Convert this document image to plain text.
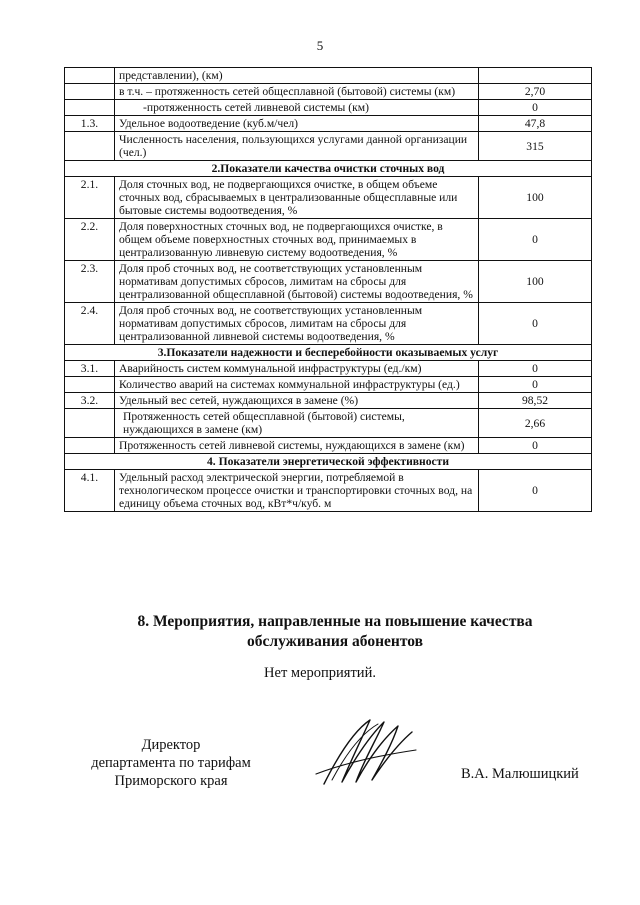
5
	представлении), (км)	
	в т.ч. – протяженность сетей общесплавной (бытовой) системы (км)	2,70
	-протяженность сетей ливневой системы (км)	0
1.3.	Удельное водоотведение (куб.м/чел)	47,8
	Численность населения, пользующихся услугами данной организации (чел.)	315
2.Показатели качества очистки сточных вод		
2.1.	Доля сточных вод, не подвергающихся очистке, в общем объеме сточных вод, сбрасываемых в централизованные общесплавные или бытовые системы водоотведения, %	100
2.2.	Доля поверхностных сточных вод, не подвергающихся очистке, в общем объеме поверхностных сточных вод, принимаемых в централизованную ливневую систему водоотведения, %	0
2.3.	Доля проб сточных вод, не соответствующих установленным нормативам допустимых сбросов, лимитам на сбросы для централизованной общесплавной (бытовой) системы водоотведения, %	100
2.4.	Доля проб сточных вод, не соответствующих установленным нормативам допустимых сбросов, лимитам на сбросы для централизованной ливневой системы водоотведения, %	0
3.Показатели надежности и бесперебойности оказываемых услуг		
3.1.	Аварийность систем коммунальной инфраструктуры (ед./км)	0
	Количество аварий на системах коммунальной инфраструктуры (ед.)	0
3.2.	Удельный вес сетей, нуждающихся в замене (%)	98,52
	Протяженность сетей общесплавной (бытовой) системы, нуждающихся в замене (км)	2,66
	Протяженность сетей ливневой системы, нуждающихся в замене (км)	0
4. Показатели энергетической эффективности		
4.1.	Удельный расход электрической энергии, потребляемой в технологическом процессе очистки и транспортировки сточных вод, на единицу объема сточных вод, кВт*ч/куб. м	0
8. Мероприятия, направленные на повышение качества
обслуживания абонентов
Нет мероприятий.
Директор
департамента по тарифам
Приморского края	В.А. Малюшицкий
